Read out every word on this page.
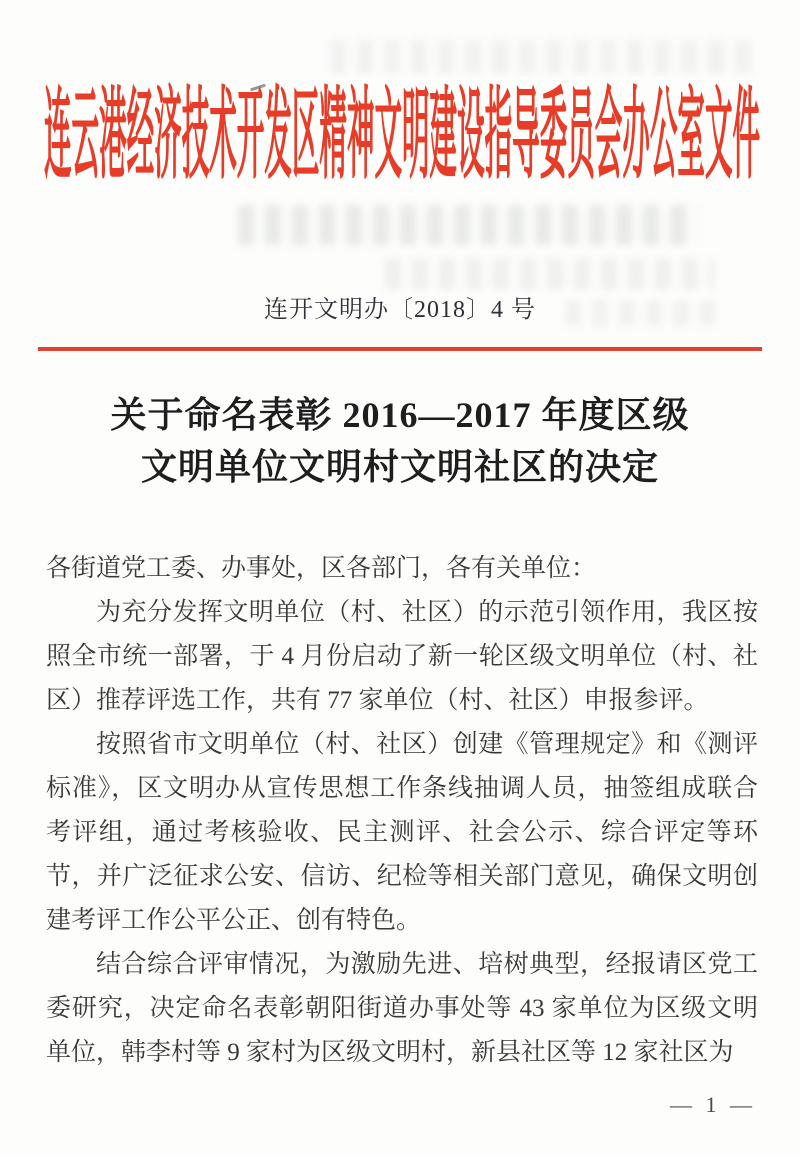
连云港经济技术开发区精神文明建设指导委员会办公室文件
连开文明办〔2018〕4 号
关于命名表彰 2016—2017 年度区级
文明单位文明村文明社区的决定

各街道党工委、办事处，区各部门，各有关单位：

为充分发挥文明单位（村、社区）的示范引领作用，我区按照全市统一部署，于 4 月份启动了新一轮区级文明单位（村、社区）推荐评选工作，共有 77 家单位（村、社区）申报参评。

按照省市文明单位（村、社区）创建《管理规定》和《测评标准》，区文明办从宣传思想工作条线抽调人员，抽签组成联合考评组，通过考核验收、民主测评、社会公示、综合评定等环节，并广泛征求公安、信访、纪检等相关部门意见，确保文明创建考评工作公平公正、创有特色。

结合综合评审情况，为激励先进、培树典型，经报请区党工委研究，决定命名表彰朝阳街道办事处等 43 家单位为区级文明单位，韩李村等 9 家村为区级文明村，新县社区等 12 家社区为

— 1 —
